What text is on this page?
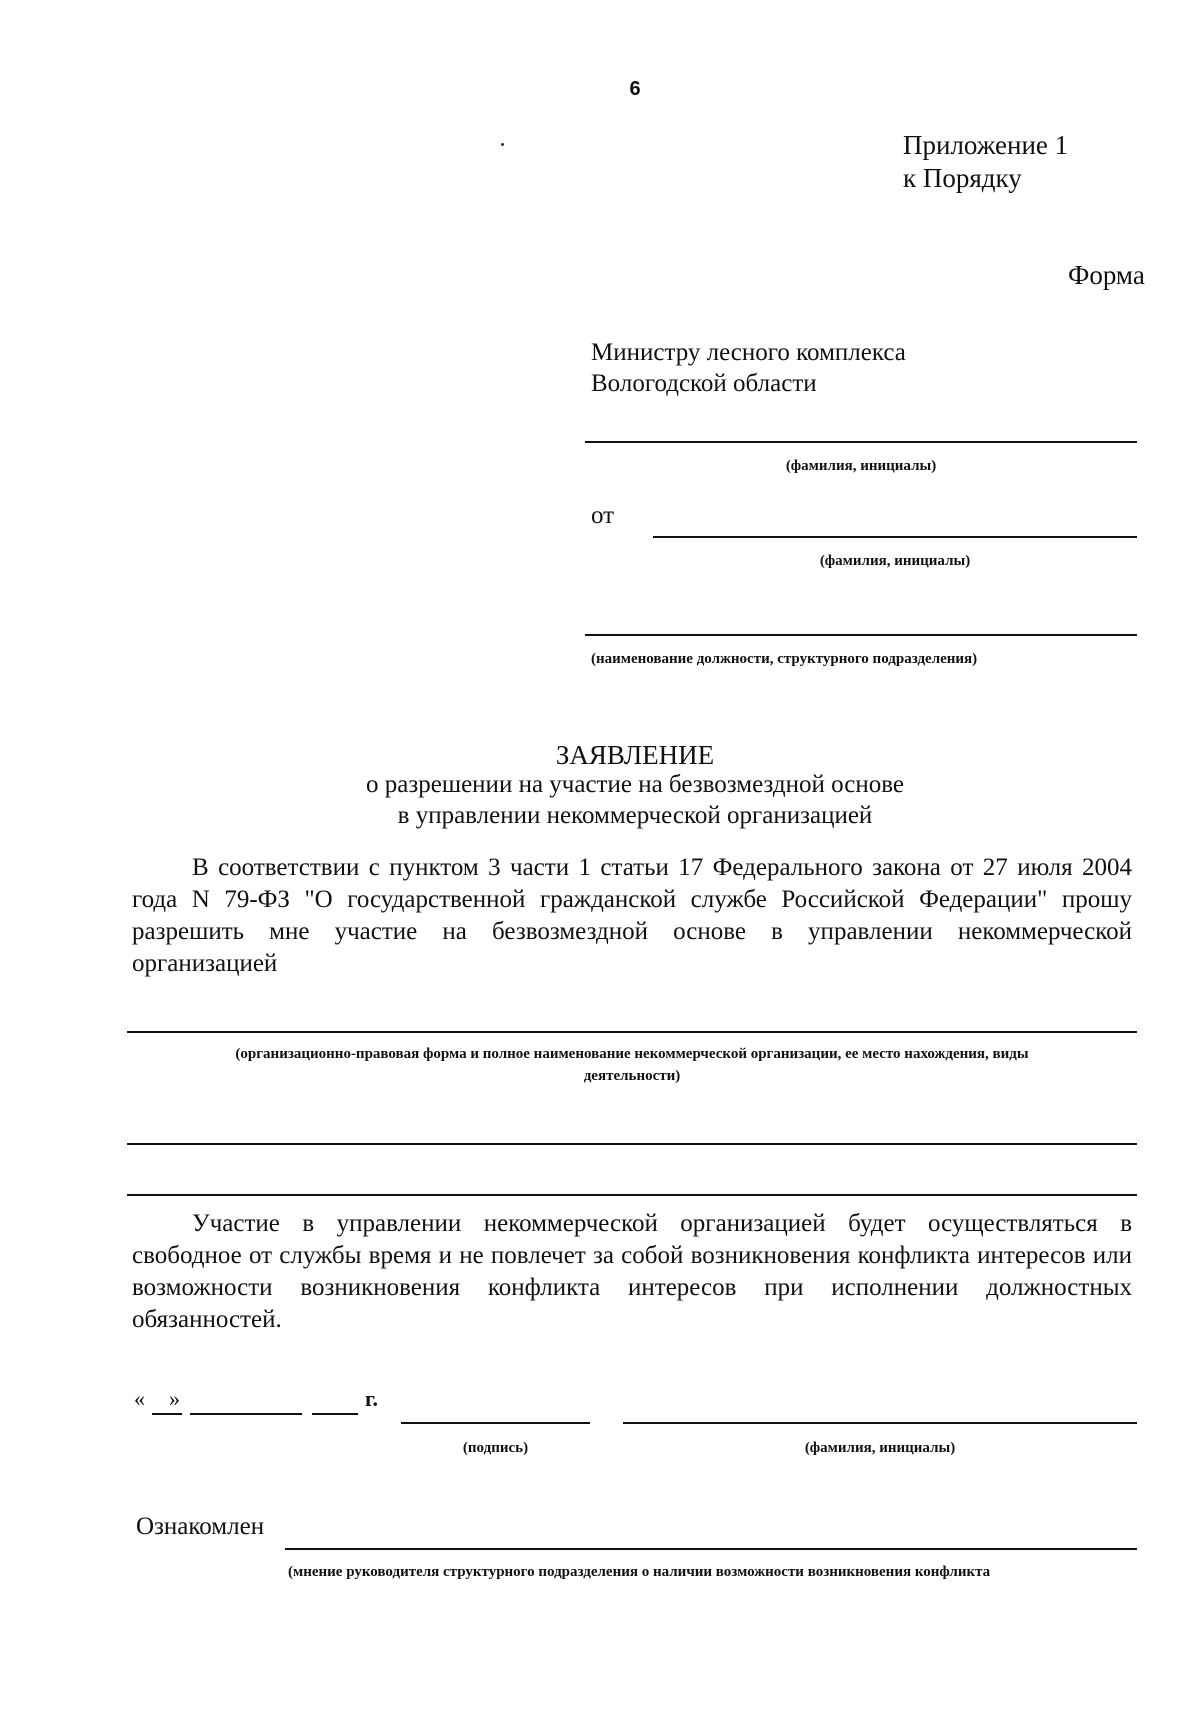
6
Приложение 1
к Порядку
Форма
Министру лесного комплекса
Вологодской области
(фамилия, инициалы)
от
(фамилия, инициалы)
(наименование должности, структурного подразделения)
ЗАЯВЛЕНИЕ
о разрешении на участие на безвозмездной основе
в управлении некоммерческой организацией

В соответствии с пунктом 3 части 1 статьи 17 Федерального закона от 27 июля 2004 года N 79-ФЗ "О государственной гражданской службе Российской Федерации" прошу разрешить мне участие на безвозмездной основе в управлении некоммерческой организацией

(организационно-правовая форма и полное наименование некоммерческой организации, ее место нахождения, виды
деятельности)

Участие в управлении некоммерческой организацией будет осуществляться в свободное от службы время и не повлечет за собой возникновения конфликта интересов или возможности возникновения конфликта интересов при исполнении должностных обязанностей.

« »	г.
(подпись)	(фамилия, инициалы)
Ознакомлен
(мнение руководителя структурного подразделения о наличии возможности возникновения конфликта
